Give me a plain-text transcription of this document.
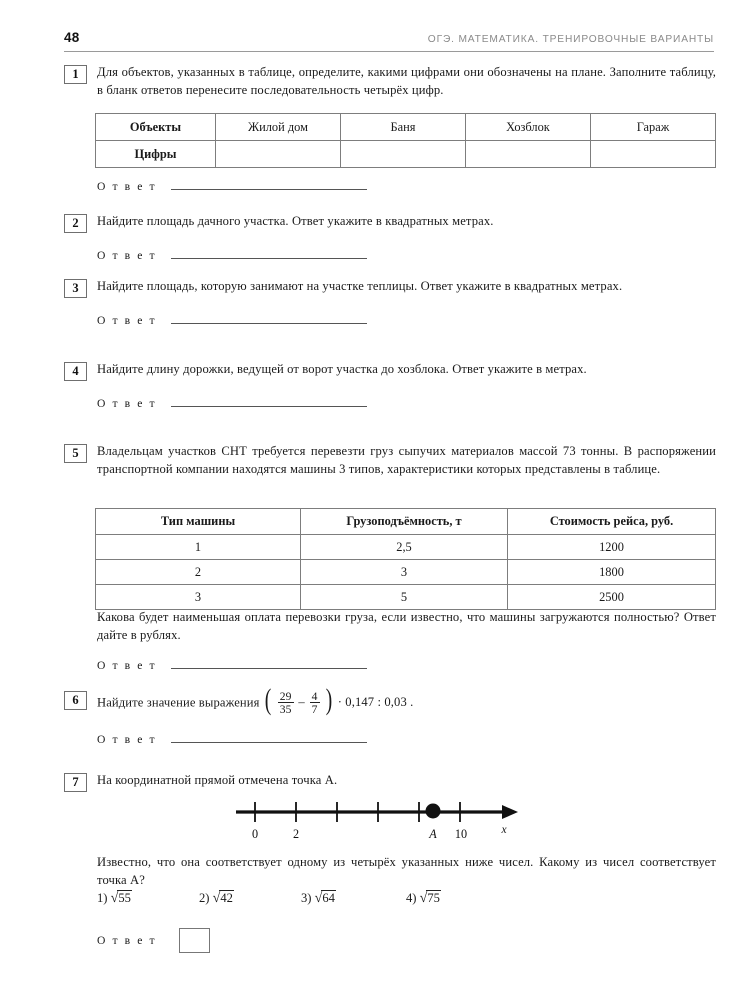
48	ОГЭ. МАТЕМАТИКА. ТРЕНИРОВОЧНЫЕ ВАРИАНТЫ
1	Для объектов, указанных в таблице, определите, какими цифрами они обозначены на плане. Заполните таблицу, в бланк ответов перенесите последовательность четырёх цифр.

Объекты	Жилой дом	Баня	Хозблок	Гараж
Цифры				
О т в е т
2	Найдите площадь дачного участка. Ответ укажите в квадратных метрах.

О т в е т
3	Найдите площадь, которую занимают на участке теплицы. Ответ укажите в квадратных метрах.

О т в е т
4	Найдите длину дорожки, ведущей от ворот участка до хозблока. Ответ укажите в метрах.

О т в е т
5	Владельцам участков СНТ требуется перевезти груз сыпучих материалов массой 73 тонны. В распоряжении транспортной компании находятся машины 3 типов, характеристики которых представлены в таблице.

Тип машины	Грузоподъёмность, т	Стоимость рейса, руб.
1	2,5	1200
2	3	1800
3	5	2500

Какова будет наименьшая оплата перевозки груза, если известно, что машины загружаются полностью? Ответ дайте в рублях.

О т в е т
6	Найдите значение выражения ( $\frac{29}{35} - \frac{4}{7}$ ) · 0,147 : 0,03 .

О т в е т
7	На координатной прямой отмечена точка A.

0	2	A 10	x

Известно, что она соответствует одному из четырёх указанных ниже чисел. Какому из чисел соответствует точка A?

1) √55	2) √42	3) √64	4) √75
О т в е т
